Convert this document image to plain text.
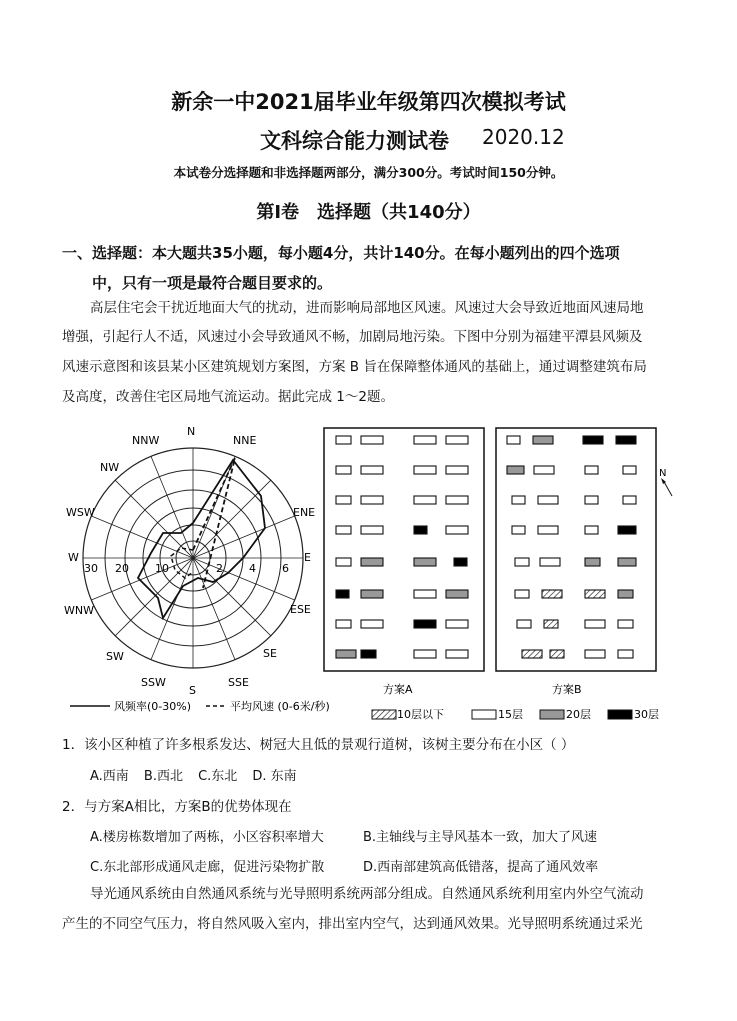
新余一中2021届毕业年级第四次模拟考试
文科综合能力测试卷 2020.12
本试卷分选择题和非选择题两部分，满分300分。考试时间150分钟。
第Ⅰ卷　选择题（共140分）
一、选择题：本大题共35小题，每小题4分，共计140分。在每小题列出的四个选项
中，只有一项是最符合题目要求的。
高层住宅会干扰近地面大气的扰动，进而影响局部地区风速。风速过大会导致近地面风速局地
增强，引起行人不适，风速过小会导致通风不畅，加剧局地污染。下图中分别为福建平潭县风频及
风速示意图和该县某小区建筑规划方案图，方案 B 旨在保障整体通风的基础上，通过调整建筑布局
及高度，改善住宅区局地气流运动。据此完成 1～2题。
N
NNE
ENE
E
ESE
SE
SSE
S
SSW
SW
WNW
W
WSW
NW
NNW
30 20 10	2 4 6
风频率(0-30%)	平均风速 (0-6米/秒)
方案A	方案B
N
10层以下	15层	20层	30层
1．该小区种植了许多根系发达、树冠大且低的景观行道树，该树主要分布在小区（ ）
A.西南 B.西北 C.东北 D. 东南
2．与方案A相比，方案B的优势体现在
A.楼房栋数增加了两栋，小区容积率增大	B.主轴线与主导风基本一致，加大了风速
C.东北部形成通风走廊，促进污染物扩散	D.西南部建筑高低错落，提高了通风效率
导光通风系统由自然通风系统与光导照明系统两部分组成。自然通风系统利用室内外空气流动
产生的不同空气压力，将自然风吸入室内，排出室内空气，达到通风效果。光导照明系统通过采光
